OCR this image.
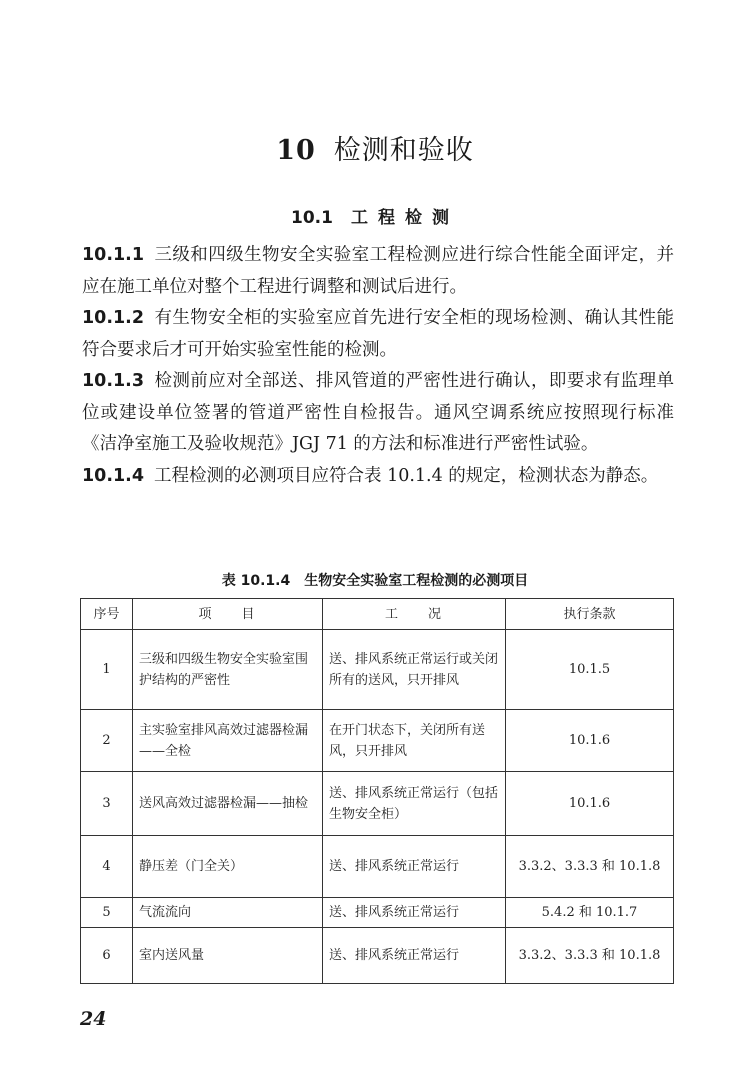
10 检测和验收
10.1 工程检测

10.1.1 三级和四级生物安全实验室工程检测应进行综合性能全面评定，并应在施工单位对整个工程进行调整和测试后进行。

10.1.2 有生物安全柜的实验室应首先进行安全柜的现场检测、确认其性能符合要求后才可开始实验室性能的检测。

10.1.3 检测前应对全部送、排风管道的严密性进行确认，即要求有监理单位或建设单位签署的管道严密性自检报告。通风空调系统应按照现行标准《洁净室施工及验收规范》JGJ 71 的方法和标准进行严密性试验。

10.1.4 工程检测的必测项目应符合表 10.1.4 的规定，检测状态为静态。

表 10.1.4 生物安全实验室工程检测的必测项目
序号	项目	工况	执行条款
1	三级和四级生物安全实验室围护结构的严密性	送、排风系统正常运行或关闭所有的送风，只开排风	10.1.5
2	主实验室排风高效过滤器检漏——全检	在开门状态下，关闭所有送风，只开排风	10.1.6
3	送风高效过滤器检漏——抽检	送、排风系统正常运行（包括生物安全柜）	10.1.6
4	静压差（门全关）	送、排风系统正常运行	3.3.2、3.3.3 和 10.1.8
5	气流流向	送、排风系统正常运行	5.4.2 和 10.1.7
6	室内送风量	送、排风系统正常运行	3.3.2、3.3.3 和 10.1.8
24
